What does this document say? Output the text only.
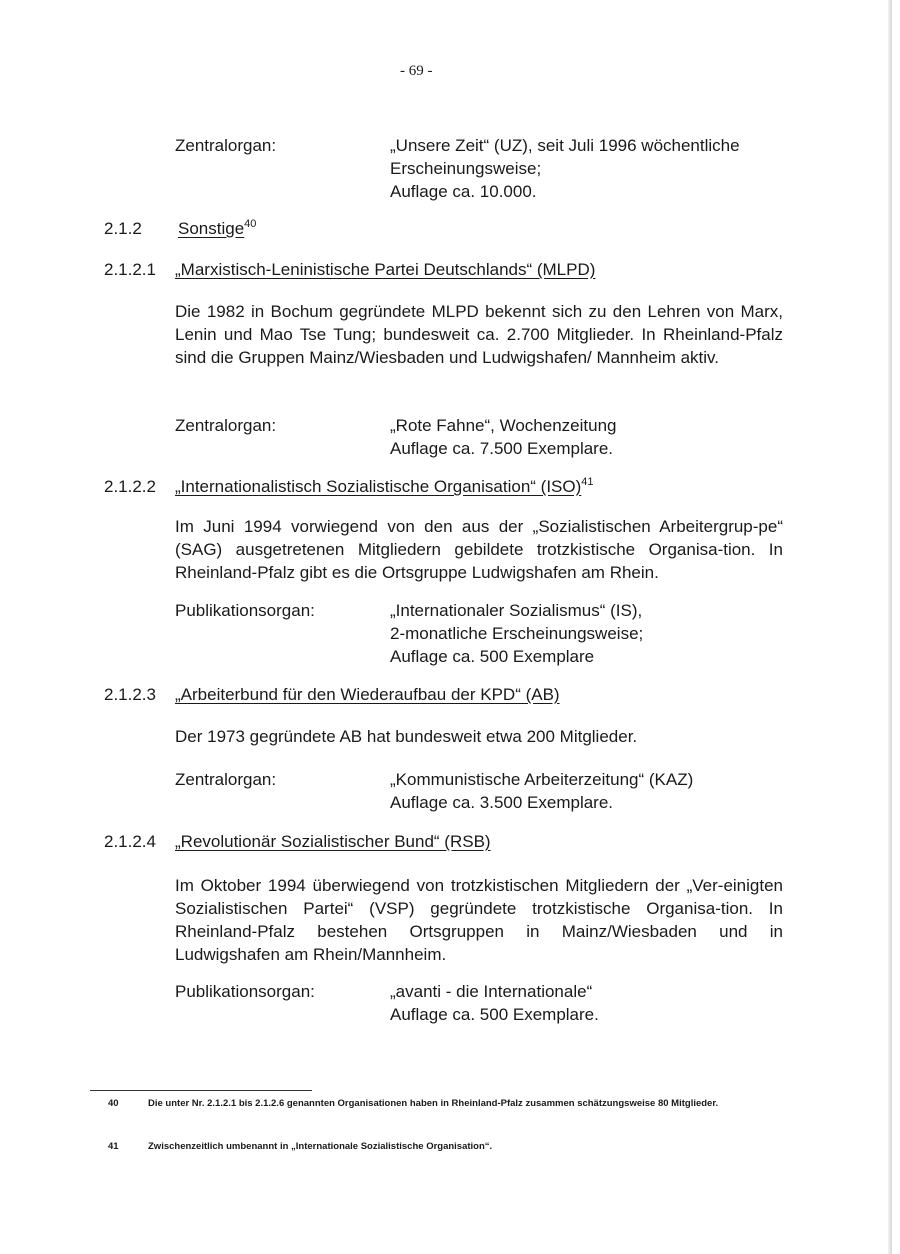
- 69 -
Zentralorgan:	„Unsere Zeit“ (UZ), seit Juli 1996 wöchentliche
Erscheinungsweise;
Auflage ca. 10.000.
2.1.2 Sonstige$^{40}$
2.1.2.1 „Marxistisch-Leninistische Partei Deutschlands“ (MLPD)
Die 1982 in Bochum gegründete MLPD bekennt sich zu den Lehren von Marx, Lenin und Mao Tse Tung; bundesweit ca. 2.700 Mitglieder. In Rheinland-Pfalz sind die Gruppen Mainz/Wiesbaden und Ludwigshafen/ Mannheim aktiv.
Zentralorgan:	„Rote Fahne“, Wochenzeitung
Auflage ca. 7.500 Exemplare.
2.1.2.2 „Internationalistisch Sozialistische Organisation“ (ISO)$^{41}$
Im Juni 1994 vorwiegend von den aus der „Sozialistischen Arbeitergrup-pe“ (SAG) ausgetretenen Mitgliedern gebildete trotzkistische Organisa-tion. In Rheinland-Pfalz gibt es die Ortsgruppe Ludwigshafen am Rhein.
Publikationsorgan:	„Internationaler Sozialismus“ (IS),
2-monatliche Erscheinungsweise;
Auflage ca. 500 Exemplare
2.1.2.3 „Arbeiterbund für den Wiederaufbau der KPD“ (AB)
Der 1973 gegründete AB hat bundesweit etwa 200 Mitglieder.
Zentralorgan:	„Kommunistische Arbeiterzeitung“ (KAZ)
Auflage ca. 3.500 Exemplare.
2.1.2.4 „Revolutionär Sozialistischer Bund“ (RSB)
Im Oktober 1994 überwiegend von trotzkistischen Mitgliedern der „Ver-einigten Sozialistischen Partei“ (VSP) gegründete trotzkistische Organisa-tion. In Rheinland-Pfalz bestehen Ortsgruppen in Mainz/Wiesbaden und in Ludwigshafen am Rhein/Mannheim.
Publikationsorgan:	„avanti - die Internationale“
Auflage ca. 500 Exemplare.
40	Die unter Nr. 2.1.2.1 bis 2.1.2.6 genannten Organisationen haben in Rheinland-Pfalz zusammen schätzungsweise 80 Mitglieder.
41	Zwischenzeitlich umbenannt in „Internationale Sozialistische Organisation“.
